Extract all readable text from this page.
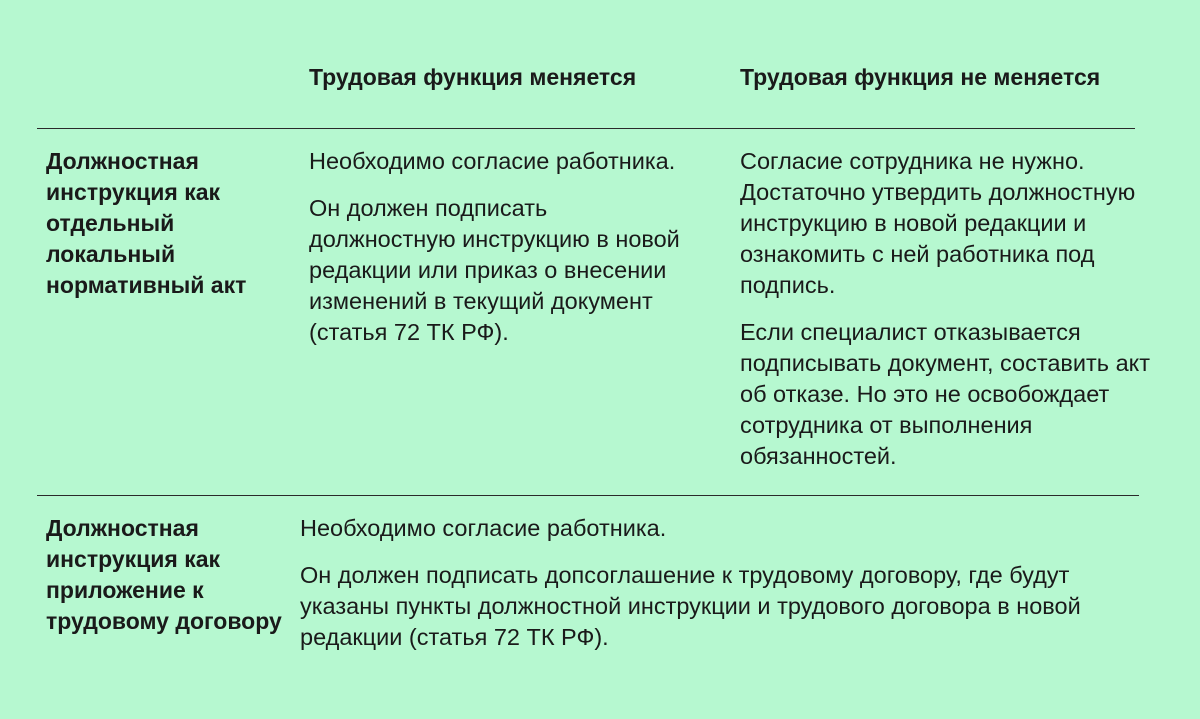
Трудовая функция меняется	Трудовая функция не меняется
Должностная инструкция как отдельный локальный нормативный акт

Необходимо согласие работника.

Он должен подписать должностную инструкцию в новой редакции или приказ о внесении изменений в текущий документ (статья 72 ТК РФ).

Согласие сотрудника не нужно. Достаточно утвердить должностную инструкцию в новой редакции и ознакомить с ней работника под подпись.

Если специалист отказывается подписывать документ, составить акт об отказе. Но это не освобождает сотрудника от выполнения обязанностей.

Должностная инструкция как приложение к трудовому договору

Необходимо согласие работника.

Он должен подписать допсоглашение к трудовому договору, где будут указаны пункты должностной инструкции и трудового договора в новой редакции (статья 72 ТК РФ).
